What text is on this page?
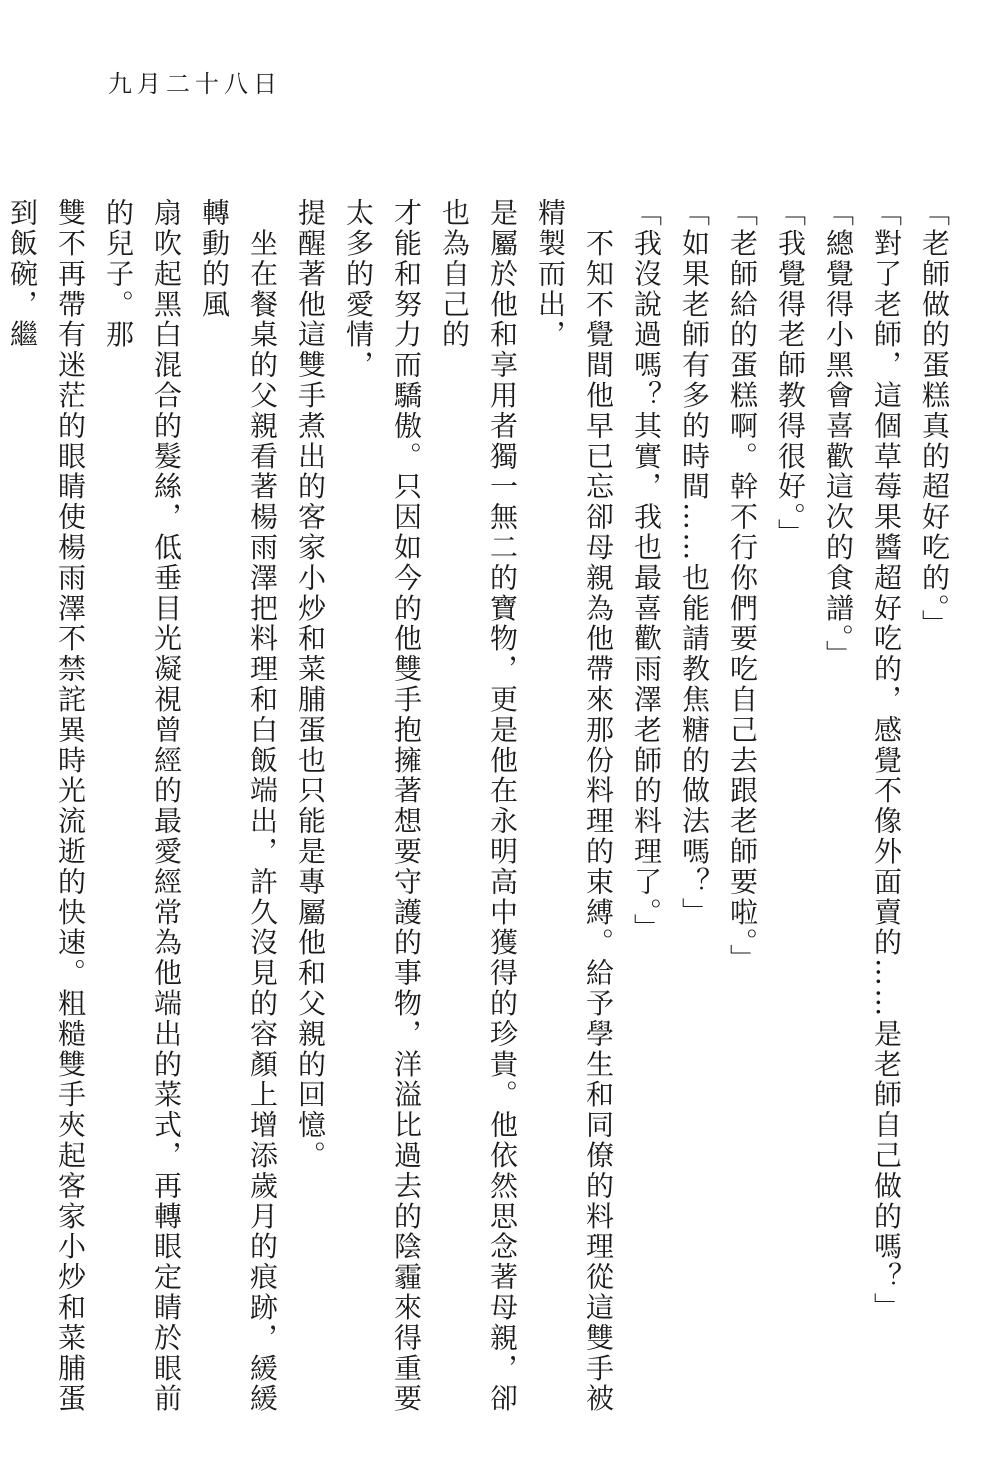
九月二十八日

「老師做的蛋糕真的超好吃的。」

「對了老師，這個草莓果醬超好吃的，感覺不像外面賣的……是老師自己做的嗎？」

「總覺得小黑會喜歡這次的食譜。」

「我覺得老師教得很好。」

「老師給的蛋糕啊。幹不行你們要吃自己去跟老師要啦。」

「如果老師有多的時間……也能請教焦糖的做法嗎？」

「我沒說過嗎？其實，我也最喜歡雨澤老師的料理了。」

　不知不覺間他早已忘卻母親為他帶來那份料理的束縛。給予學生和同僚的料理從這雙手被精製而出，
是屬於他和享用者獨一無二的寶物，更是他在永明高中獲得的珍貴。他依然思念著母親，卻也為自己的
才能和努力而驕傲。只因如今的他雙手抱擁著想要守護的事物，洋溢比過去的陰霾來得重要太多的愛情，
提醒著他這雙手煮出的客家小炒和菜脯蛋也只能是專屬他和父親的回憶。

　坐在餐桌的父親看著楊雨澤把料理和白飯端出，許久沒見的容顏上增添歲月的痕跡，緩緩轉動的風
扇吹起黑白混合的髮絲，低垂目光凝視曾經的最愛經常為他端出的菜式，再轉眼定睛於眼前的兒子。那
雙不再帶有迷茫的眼睛使楊雨澤不禁詫異時光流逝的快速。粗糙雙手夾起客家小炒和菜脯蛋到飯碗，繼
